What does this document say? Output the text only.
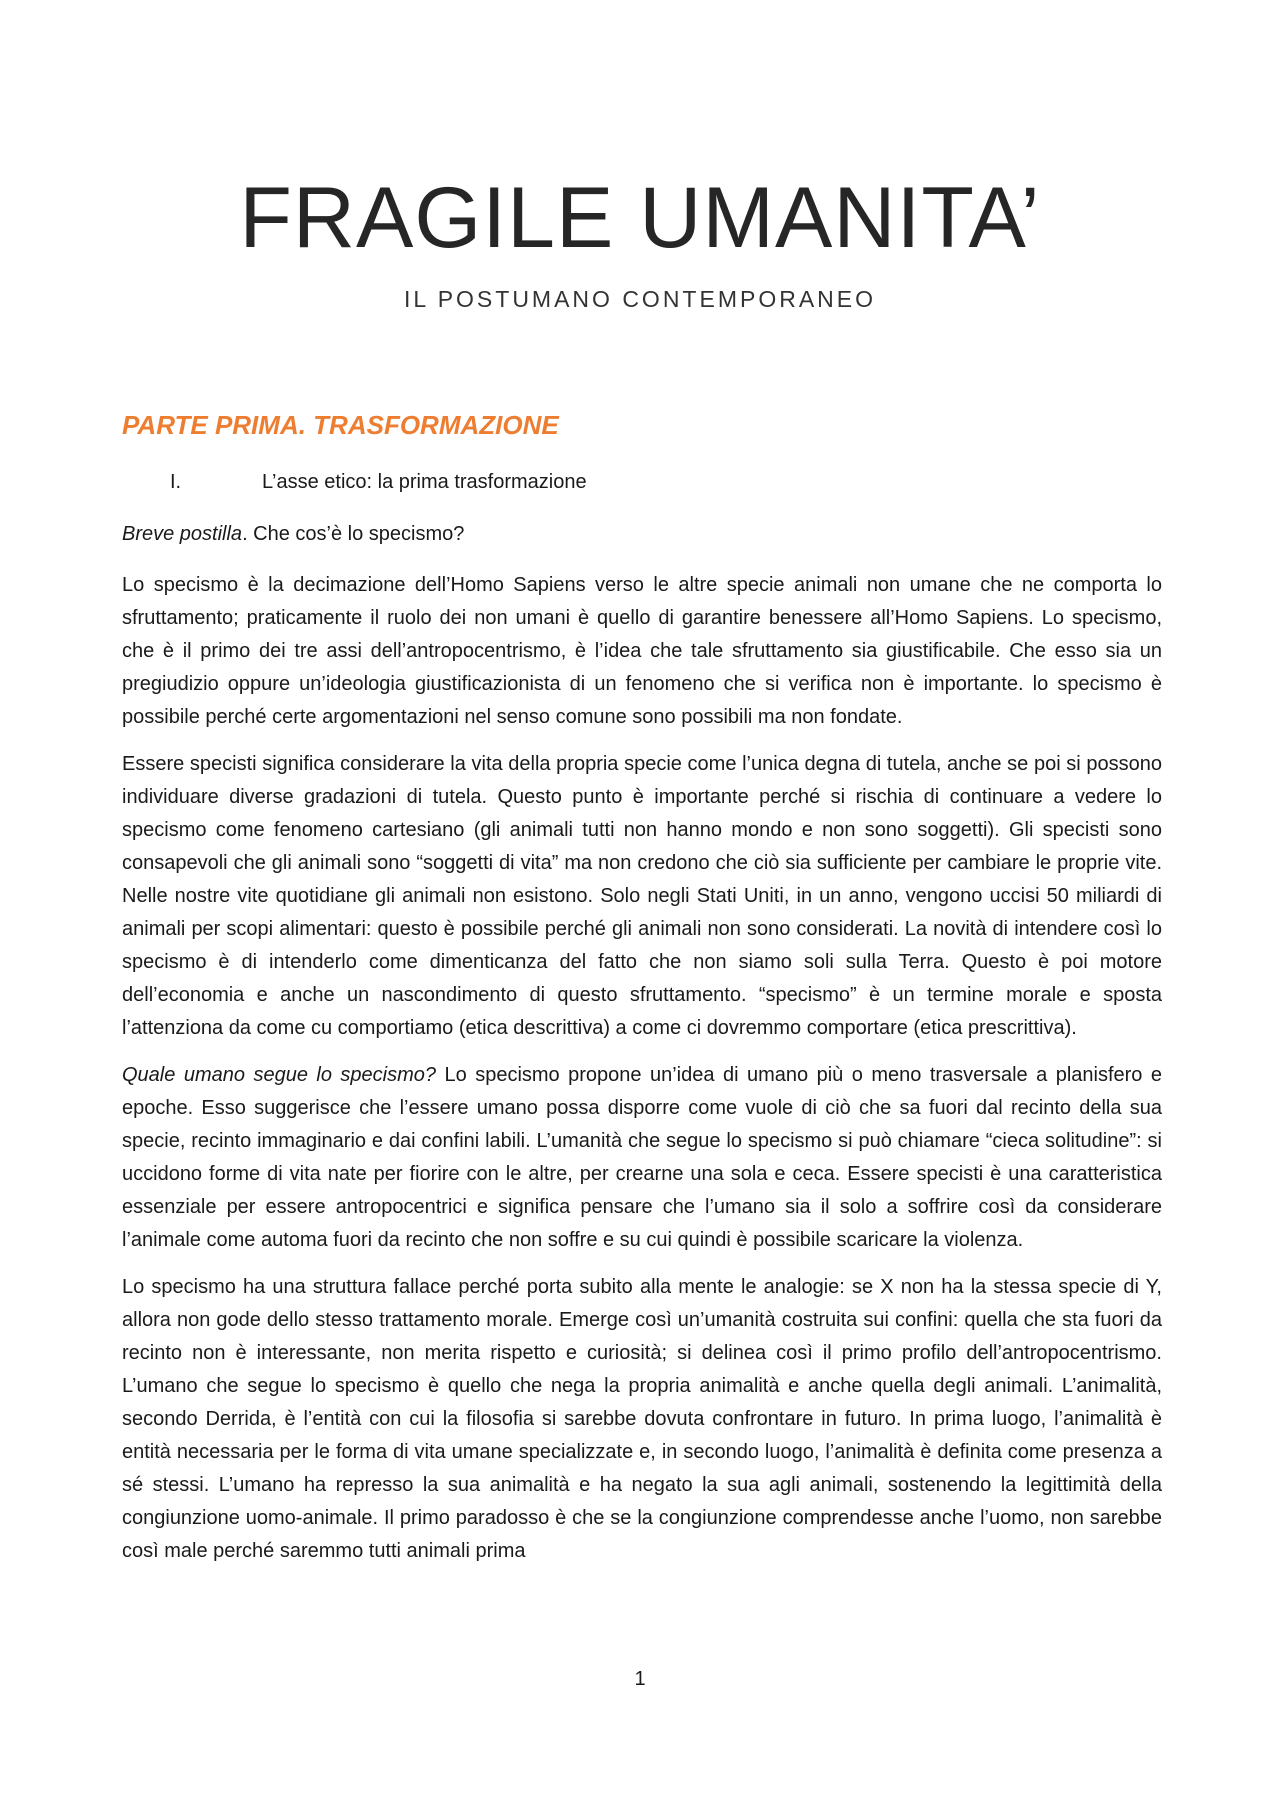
FRAGILE UMANITA’
IL POSTUMANO CONTEMPORANEO
PARTE PRIMA. TRASFORMAZIONE
I.	L’asse etico: la prima trasformazione

Breve postilla. Che cos’è lo specismo?

Lo specismo è la decimazione dell’Homo Sapiens verso le altre specie animali non umane che ne comporta lo sfruttamento; praticamente il ruolo dei non umani è quello di garantire benessere all’Homo Sapiens. Lo specismo, che è il primo dei tre assi dell’antropocentrismo, è l’idea che tale sfruttamento sia giustificabile. Che esso sia un pregiudizio oppure un’ideologia giustificazionista di un fenomeno che si verifica non è importante. lo specismo è possibile perché certe argomentazioni nel senso comune sono possibili ma non fondate.

Essere specisti significa considerare la vita della propria specie come l’unica degna di tutela, anche se poi si possono individuare diverse gradazioni di tutela. Questo punto è importante perché si rischia di continuare a vedere lo specismo come fenomeno cartesiano (gli animali tutti non hanno mondo e non sono soggetti). Gli specisti sono consapevoli che gli animali sono “soggetti di vita” ma non credono che ciò sia sufficiente per cambiare le proprie vite. Nelle nostre vite quotidiane gli animali non esistono. Solo negli Stati Uniti, in un anno, vengono uccisi 50 miliardi di animali per scopi alimentari: questo è possibile perché gli animali non sono considerati. La novità di intendere così lo specismo è di intenderlo come dimenticanza del fatto che non siamo soli sulla Terra. Questo è poi motore dell’economia e anche un nascondimento di questo sfruttamento. “specismo” è un termine morale e sposta l’attenziona da come cu comportiamo (etica descrittiva) a come ci dovremmo comportare (etica prescrittiva).

Quale umano segue lo specismo? Lo specismo propone un’idea di umano più o meno trasversale a planisfero e epoche. Esso suggerisce che l’essere umano possa disporre come vuole di ciò che sa fuori dal recinto della sua specie, recinto immaginario e dai confini labili. L’umanità che segue lo specismo si può chiamare “cieca solitudine”: si uccidono forme di vita nate per fiorire con le altre, per crearne una sola e ceca. Essere specisti è una caratteristica essenziale per essere antropocentrici e significa pensare che l’umano sia il solo a soffrire così da considerare l’animale come automa fuori da recinto che non soffre e su cui quindi è possibile scaricare la violenza.

Lo specismo ha una struttura fallace perché porta subito alla mente le analogie: se X non ha la stessa specie di Y, allora non gode dello stesso trattamento morale. Emerge così un’umanità costruita sui confini: quella che sta fuori da recinto non è interessante, non merita rispetto e curiosità; si delinea così il primo profilo dell’antropocentrismo. L’umano che segue lo specismo è quello che nega la propria animalità e anche quella degli animali. L’animalità, secondo Derrida, è l’entità con cui la filosofia si sarebbe dovuta confrontare in futuro. In prima luogo, l’animalità è entità necessaria per le forma di vita umane specializzate e, in secondo luogo, l’animalità è definita come presenza a sé stessi. L’umano ha represso la sua animalità e ha negato la sua agli animali, sostenendo la legittimità della congiunzione uomo-animale. Il primo paradosso è che se la congiunzione comprendesse anche l’uomo, non sarebbe così male perché saremmo tutti animali prima

1
